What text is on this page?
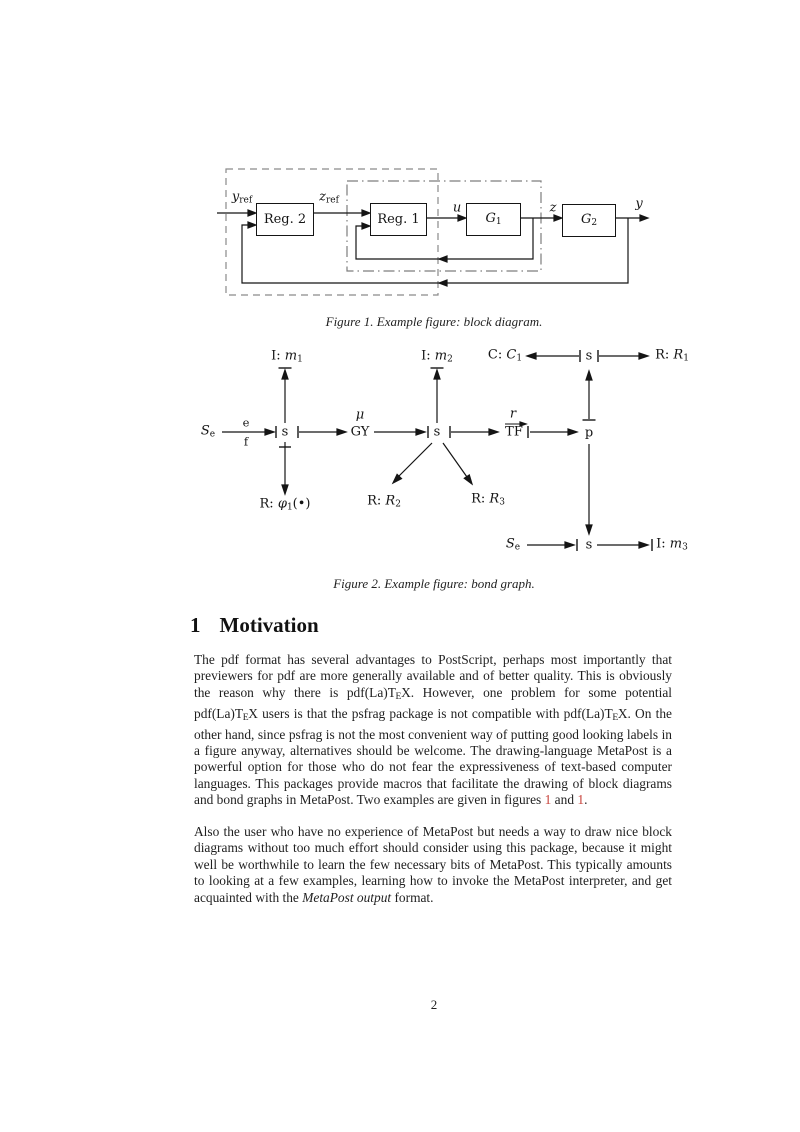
Reg. 2	Reg. 1	$G_1$	$G_2$
$y_{ref}$	$z_{ref}$	u	z	y
Figure 1. Example figure: block diagram.
I: $m_1$	I: $m_2$	C: $C_1$	s	R: $R_1$
$S_e$
e
f
s
μ
GY	s
r
TF	p
R: $\varphi_1(•)$	R: $R_2$	R: $R_3$
$S_e$	s	I: $m_3$
Figure 2. Example figure: bond graph.
1 Motivation
The pdf format has several advantages to PostScript, perhaps most importantly that previewers for pdf are more generally available and of better quality. This is obviously the reason why there is pdf(La)TEX. However, one problem for some potential pdf(La)TEX users is that the psfrag package is not compatible with pdf(La)TEX. On the other hand, since psfrag is not the most convenient way of putting good looking labels in a figure anyway, alternatives should be welcome. The drawing-language MetaPost is a powerful option for those who do not fear the expressiveness of text-based computer languages. This packages provide macros that facilitate the drawing of block diagrams and bond graphs in MetaPost. Two examples are given in figures 1 and 1.
Also the user who have no experience of MetaPost but needs a way to draw nice block diagrams without too much effort should consider using this package, because it might well be worthwhile to learn the few necessary bits of MetaPost. This typically amounts to looking at a few examples, learning how to invoke the MetaPost interpreter, and get acquainted with the MetaPost output format.
2
